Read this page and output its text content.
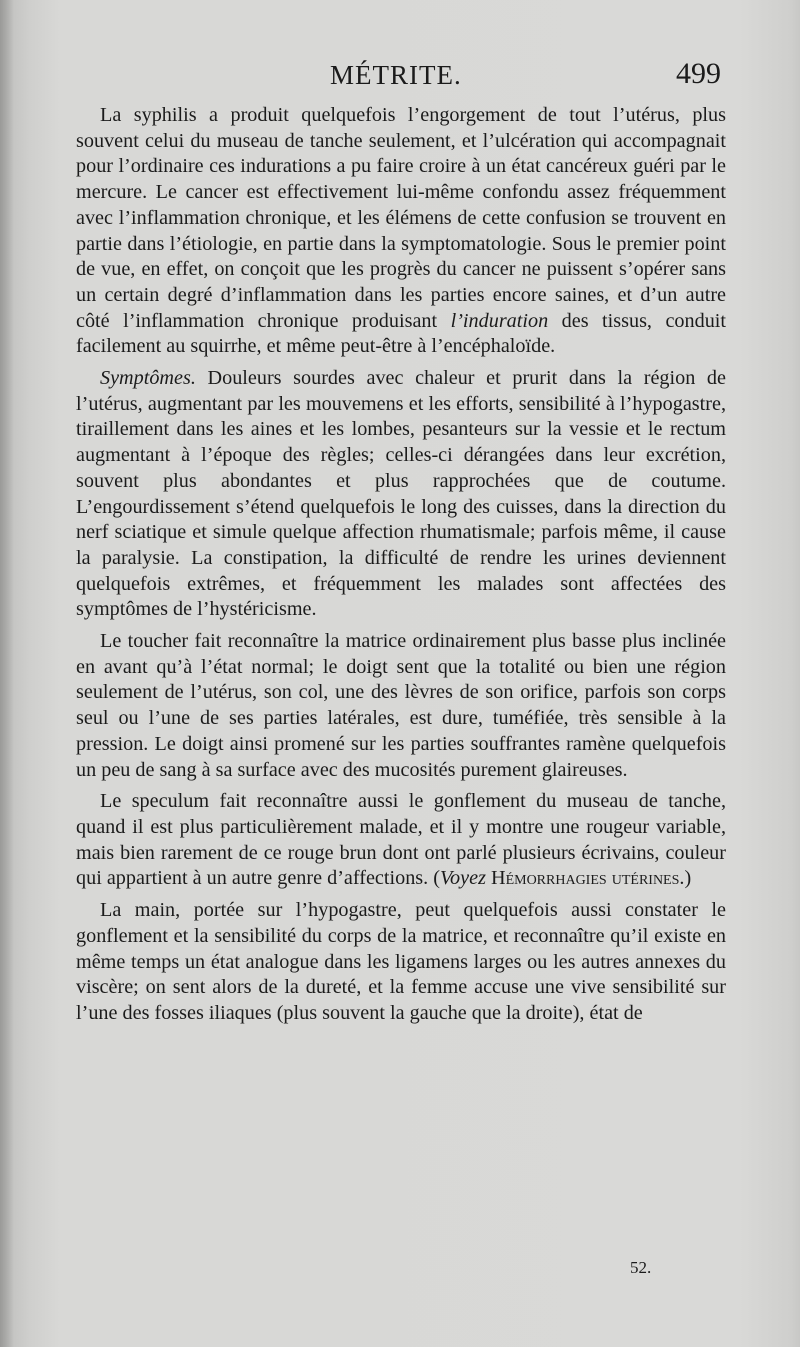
MÉTRITE.	499

La syphilis a produit quelquefois l’engorgement de tout l’utérus, plus souvent celui du museau de tanche seulement, et l’ulcération qui accompagnait pour l’ordinaire ces indurations a pu faire croire à un état cancéreux guéri par le mercure. Le cancer est effectivement lui-même confondu assez fréquemment avec l’inflammation chronique, et les élémens de cette confusion se trouvent en partie dans l’étiologie, en partie dans la symptomatologie. Sous le premier point de vue, en effet, on conçoit que les progrès du cancer ne puissent s’opérer sans un certain degré d’inflammation dans les parties encore saines, et d’un autre côté l’inflammation chronique produisant l’induration des tissus, conduit facilement au squirrhe, et même peut-être à l’encéphaloïde.

Symptômes. Douleurs sourdes avec chaleur et prurit dans la région de l’utérus, augmentant par les mouvemens et les efforts, sensibilité à l’hypogastre, tiraillement dans les aines et les lombes, pesanteurs sur la vessie et le rectum augmentant à l’époque des règles; celles-ci dérangées dans leur excrétion, souvent plus abondantes et plus rapprochées que de coutume. L’engourdissement s’étend quelquefois le long des cuisses, dans la direction du nerf sciatique et simule quelque affection rhumatismale; parfois même, il cause la paralysie. La constipation, la difficulté de rendre les urines deviennent quelquefois extrêmes, et fréquemment les malades sont affectées des symptômes de l’hystéricisme.

Le toucher fait reconnaître la matrice ordinairement plus basse plus inclinée en avant qu’à l’état normal; le doigt sent que la totalité ou bien une région seulement de l’utérus, son col, une des lèvres de son orifice, parfois son corps seul ou l’une de ses parties latérales, est dure, tuméfiée, très sensible à la pression. Le doigt ainsi promené sur les parties souffrantes ramène quelquefois un peu de sang à sa surface avec des mucosités purement glaireuses.

Le speculum fait reconnaître aussi le gonflement du museau de tanche, quand il est plus particulièrement malade, et il y montre une rougeur variable, mais bien rarement de ce rouge brun dont ont parlé plusieurs écrivains, couleur qui appartient à un autre genre d’affections. (Voyez Hémorrhagies utérines.)

La main, portée sur l’hypogastre, peut quelquefois aussi constater le gonflement et la sensibilité du corps de la matrice, et reconnaître qu’il existe en même temps un état analogue dans les ligamens larges ou les autres annexes du viscère; on sent alors de la dureté, et la femme accuse une vive sensibilité sur l’une des fosses iliaques (plus souvent la gauche que la droite), état de

52.
